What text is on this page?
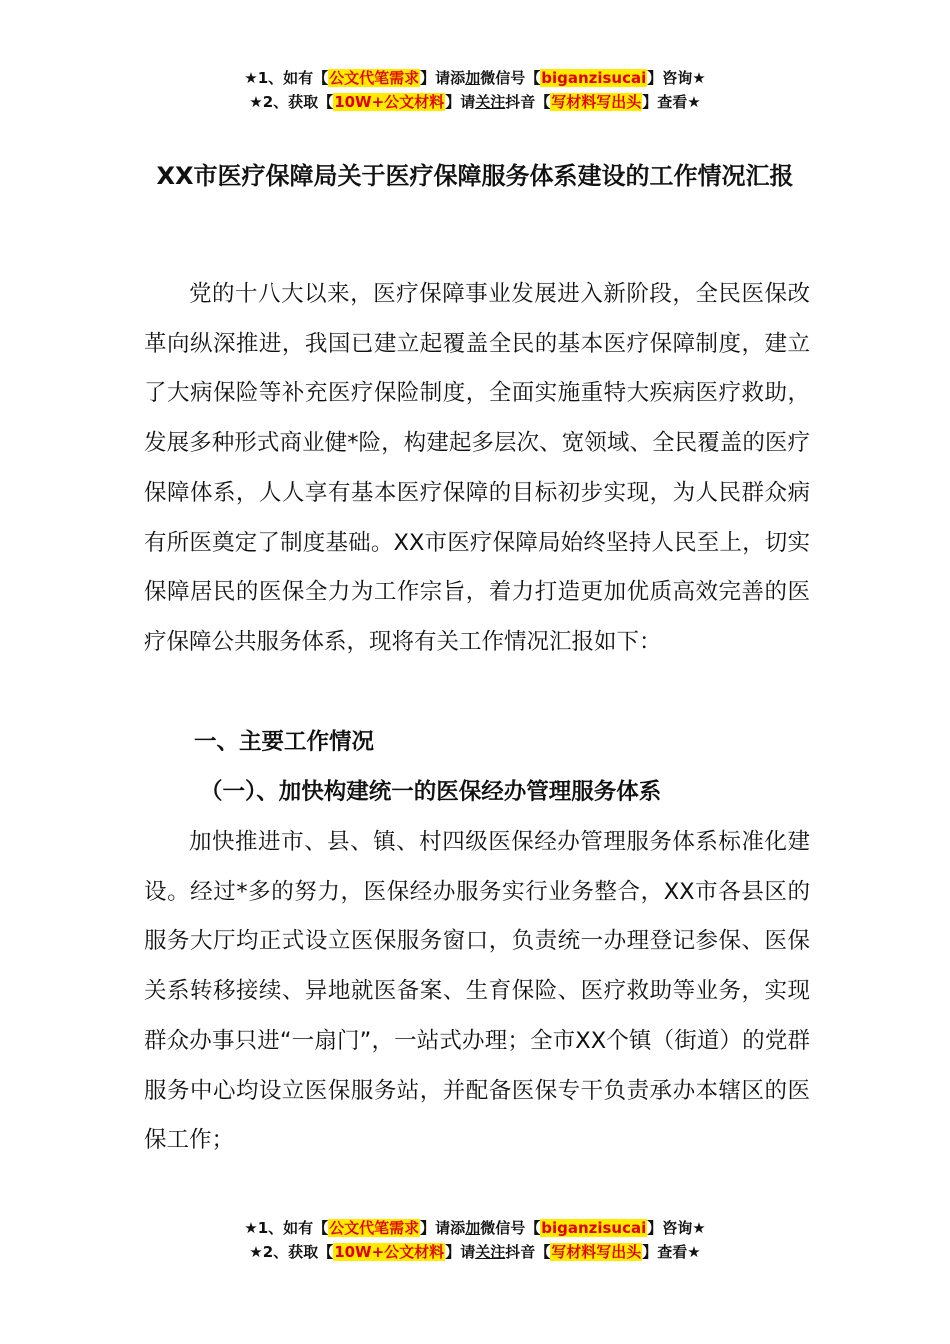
★1、如有【公文代笔需求】请添加微信号【biganzisucai】咨询★
★2、获取【10W+公文材料】请关注抖音【写材料写出头】查看★
XX市医疗保障局关于医疗保障服务体系建设的工作情况汇报

党的十八大以来，医疗保障事业发展进入新阶段，全民医保改革向纵深推进，我国已建立起覆盖全民的基本医疗保障制度，建立了大病保险等补充医疗保险制度，全面实施重特大疾病医疗救助，发展多种形式商业健*险，构建起多层次、宽领域、全民覆盖的医疗保障体系，人人享有基本医疗保障的目标初步实现，为人民群众病有所医奠定了制度基础。XX市医疗保障局始终坚持人民至上，切实保障居民的医保全力为工作宗旨，着力打造更加优质高效完善的医疗保障公共服务体系，现将有关工作情况汇报如下：

一、主要工作情况

（一）、加快构建统一的医保经办管理服务体系

加快推进市、县、镇、村四级医保经办管理服务体系标准化建设。经过*多的努力，医保经办服务实行业务整合，XX市各县区的服务大厅均正式设立医保服务窗口，负责统一办理登记参保、医保关系转移接续、异地就医备案、生育保险、医疗救助等业务，实现群众办事只进“一扇门”，一站式办理；全市XX个镇（街道）的党群服务中心均设立医保服务站，并配备医保专干负责承办本辖区的医保工作；

★1、如有【公文代笔需求】请添加微信号【biganzisucai】咨询★
★2、获取【10W+公文材料】请关注抖音【写材料写出头】查看★
